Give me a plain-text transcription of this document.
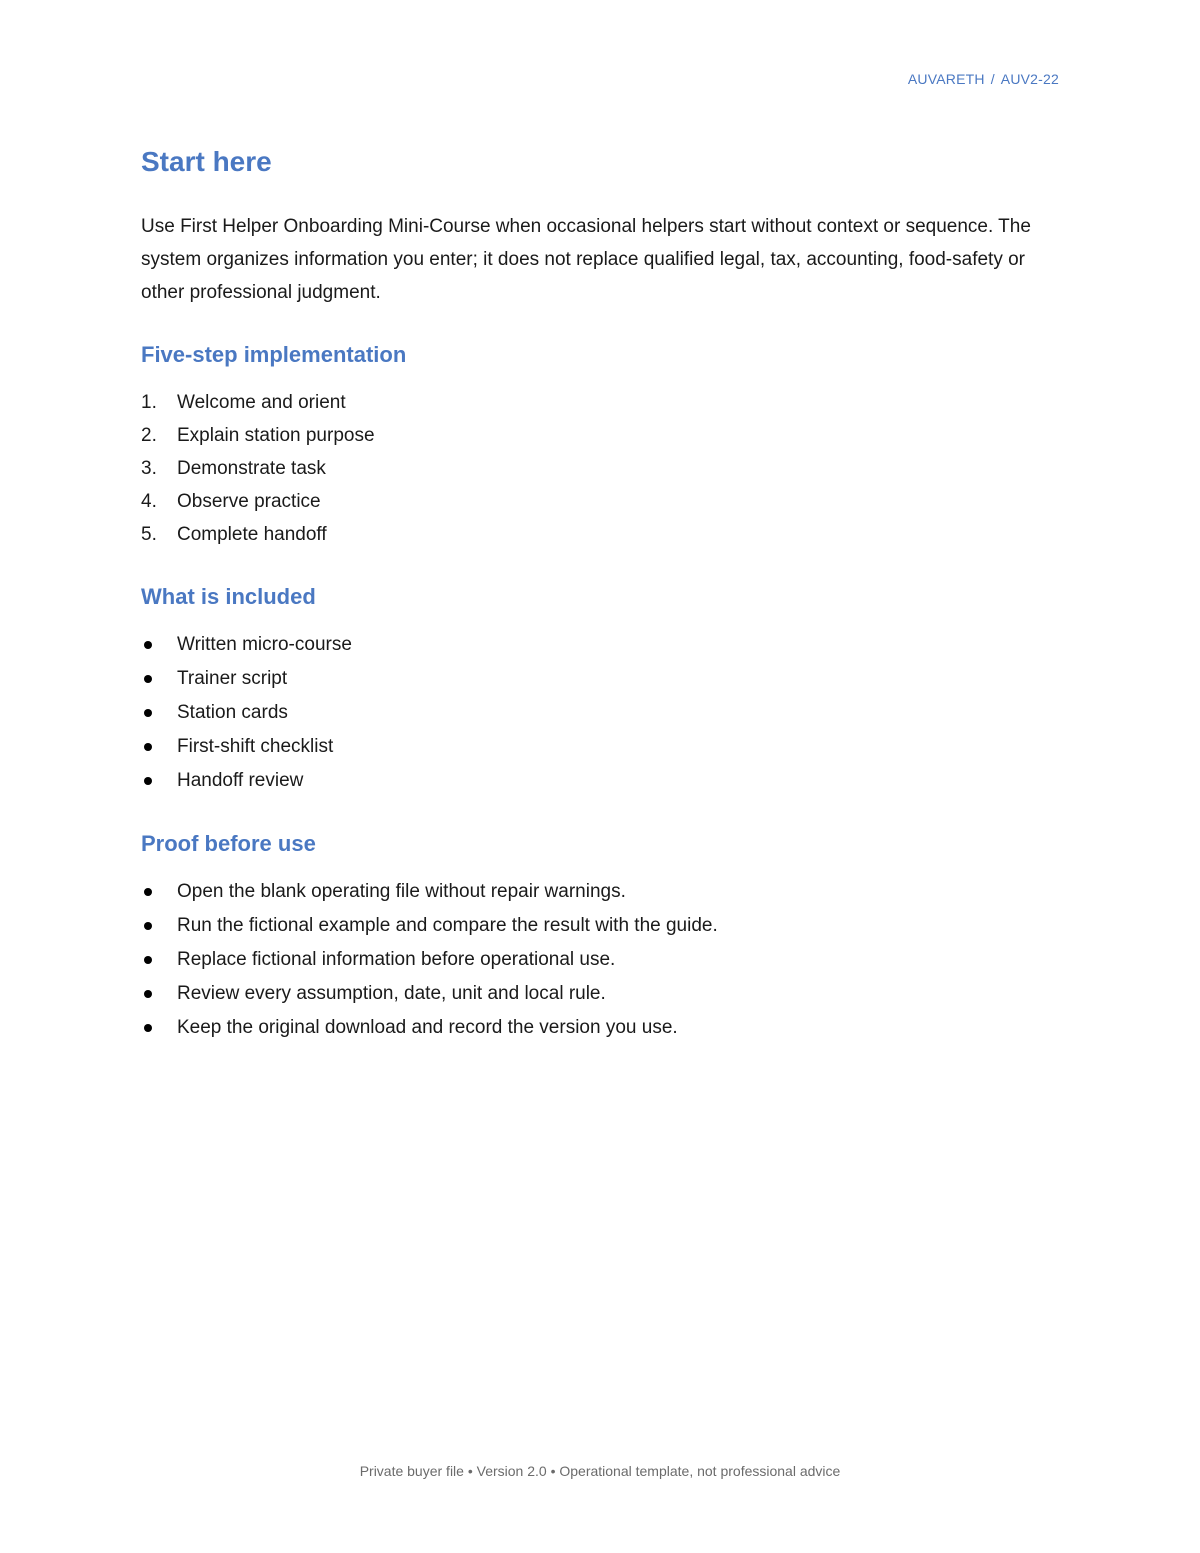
AUVARETH / AUV2-22
Start here

Use First Helper Onboarding Mini-Course when occasional helpers start without context or sequence. The system organizes information you enter; it does not replace qualified legal, tax, accounting, food-safety or other professional judgment.

Five-step implementation
1. Welcome and orient
2. Explain station purpose
3. Demonstrate task
4. Observe practice
5. Complete handoff
What is included
Written micro-course
Trainer script
Station cards
First-shift checklist
Handoff review
Proof before use
Open the blank operating file without repair warnings.
Run the fictional example and compare the result with the guide.
Replace fictional information before operational use.
Review every assumption, date, unit and local rule.
Keep the original download and record the version you use.
Private buyer file • Version 2.0 • Operational template, not professional advice
